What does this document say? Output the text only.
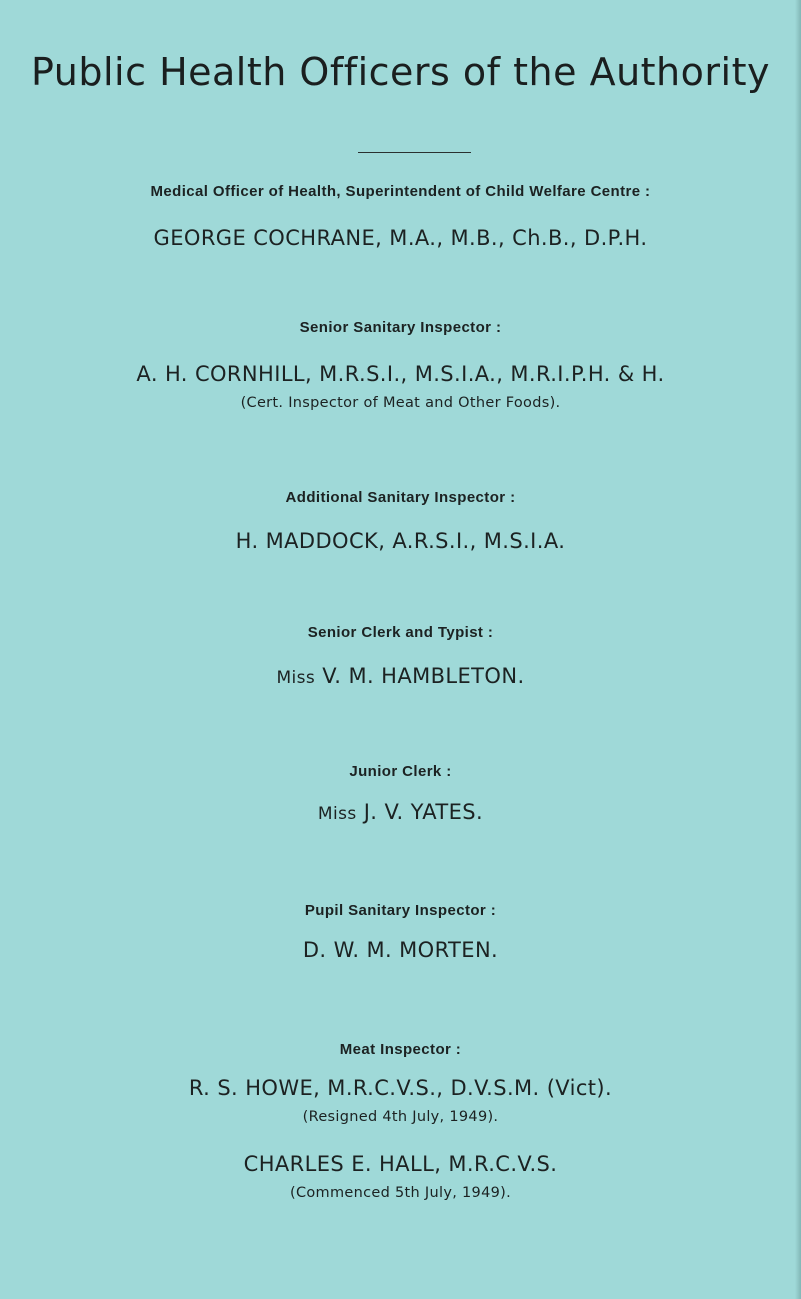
Public Health Officers of the Authority
Medical Officer of Health, Superintendent of Child Welfare Centre :
GEORGE COCHRANE, M.A., M.B., Ch.B., D.P.H.
Senior Sanitary Inspector :
A. H. CORNHILL, M.R.S.I., M.S.I.A., M.R.I.P.H. & H.
(Cert. Inspector of Meat and Other Foods).
Additional Sanitary Inspector :
H. MADDOCK, A.R.S.I., M.S.I.A.
Senior Clerk and Typist :
Miss V. M. HAMBLETON.
Junior Clerk :
Miss J. V. YATES.
Pupil Sanitary Inspector :
D. W. M. MORTEN.
Meat Inspector :
R. S. HOWE, M.R.C.V.S., D.V.S.M. (Vict).
(Resigned 4th July, 1949).
CHARLES E. HALL, M.R.C.V.S.
(Commenced 5th July, 1949).
